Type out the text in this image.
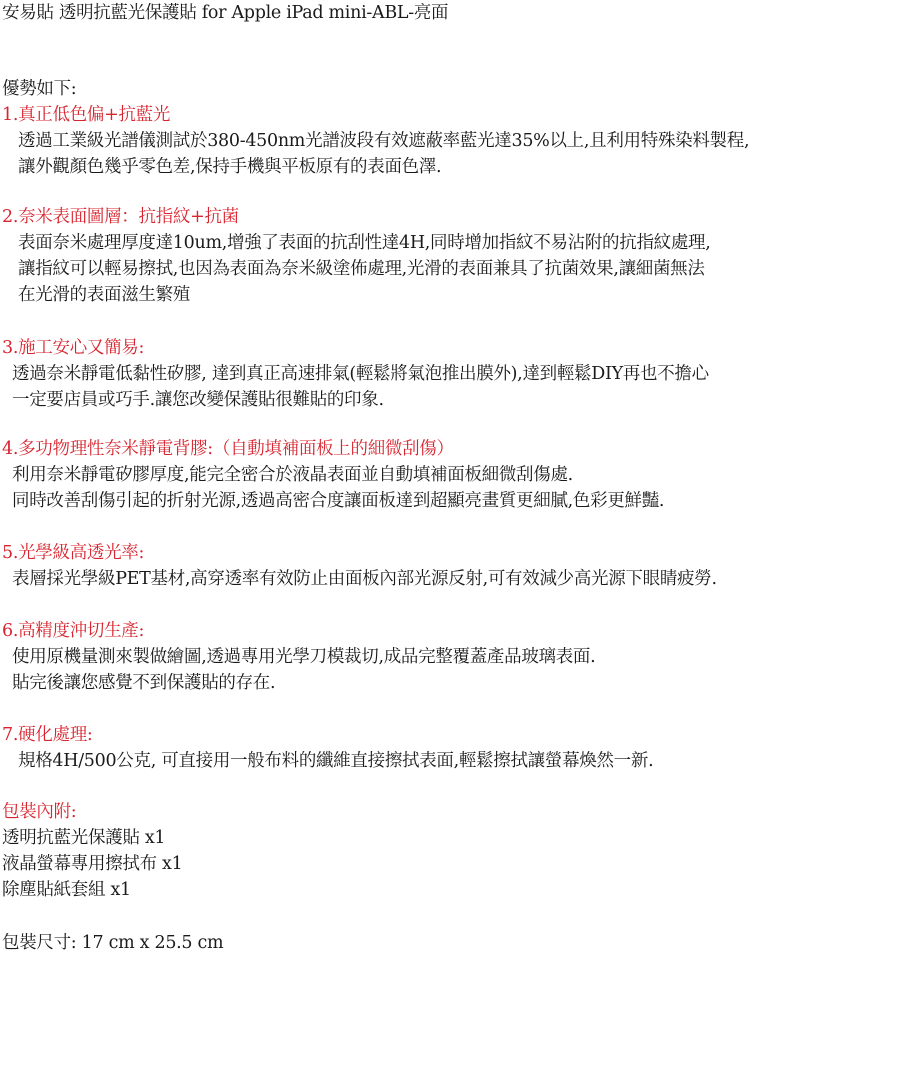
安易貼 透明抗藍光保護貼 for Apple iPad mini-ABL-亮面
優勢如下:
1.真正低色偏+抗藍光
透過工業級光譜儀測試於380-450nm光譜波段有效遮蔽率藍光達35%以上,且利用特殊染料製程,
讓外觀顏色幾乎零色差,保持手機與平板原有的表面色澤.
2.奈米表面圖層：抗指紋+抗菌
表面奈米處理厚度達10um,增強了表面的抗刮性達4H,同時增加指紋不易沾附的抗指紋處理,
讓指紋可以輕易擦拭,也因為表面為奈米級塗佈處理,光滑的表面兼具了抗菌效果,讓細菌無法
在光滑的表面滋生繁殖
3.施工安心又簡易:
透過奈米靜電低黏性矽膠, 達到真正高速排氣(輕鬆將氣泡推出膜外),達到輕鬆DIY再也不擔心
一定要店員或巧手.讓您改變保護貼很難貼的印象.
4.多功物理性奈米靜電背膠:（自動填補面板上的細微刮傷）
利用奈米靜電矽膠厚度,能完全密合於液晶表面並自動填補面板細微刮傷處.
同時改善刮傷引起的折射光源,透過高密合度讓面板達到超顯亮畫質更細膩,色彩更鮮豔.
5.光學級高透光率:
表層採光學級PET基材,高穿透率有效防止由面板內部光源反射,可有效減少高光源下眼睛疲勞.
6.高精度沖切生產:
使用原機量測來製做繪圖,透過專用光學刀模裁切,成品完整覆蓋產品玻璃表面.
貼完後讓您感覺不到保護貼的存在.
7.硬化處理:
規格4H/500公克, 可直接用一般布料的纖維直接擦拭表面,輕鬆擦拭讓螢幕煥然一新.
包裝內附:
透明抗藍光保護貼 x1
液晶螢幕專用擦拭布 x1
除塵貼紙套組 x1
包裝尺寸: 17 cm x 25.5 cm
